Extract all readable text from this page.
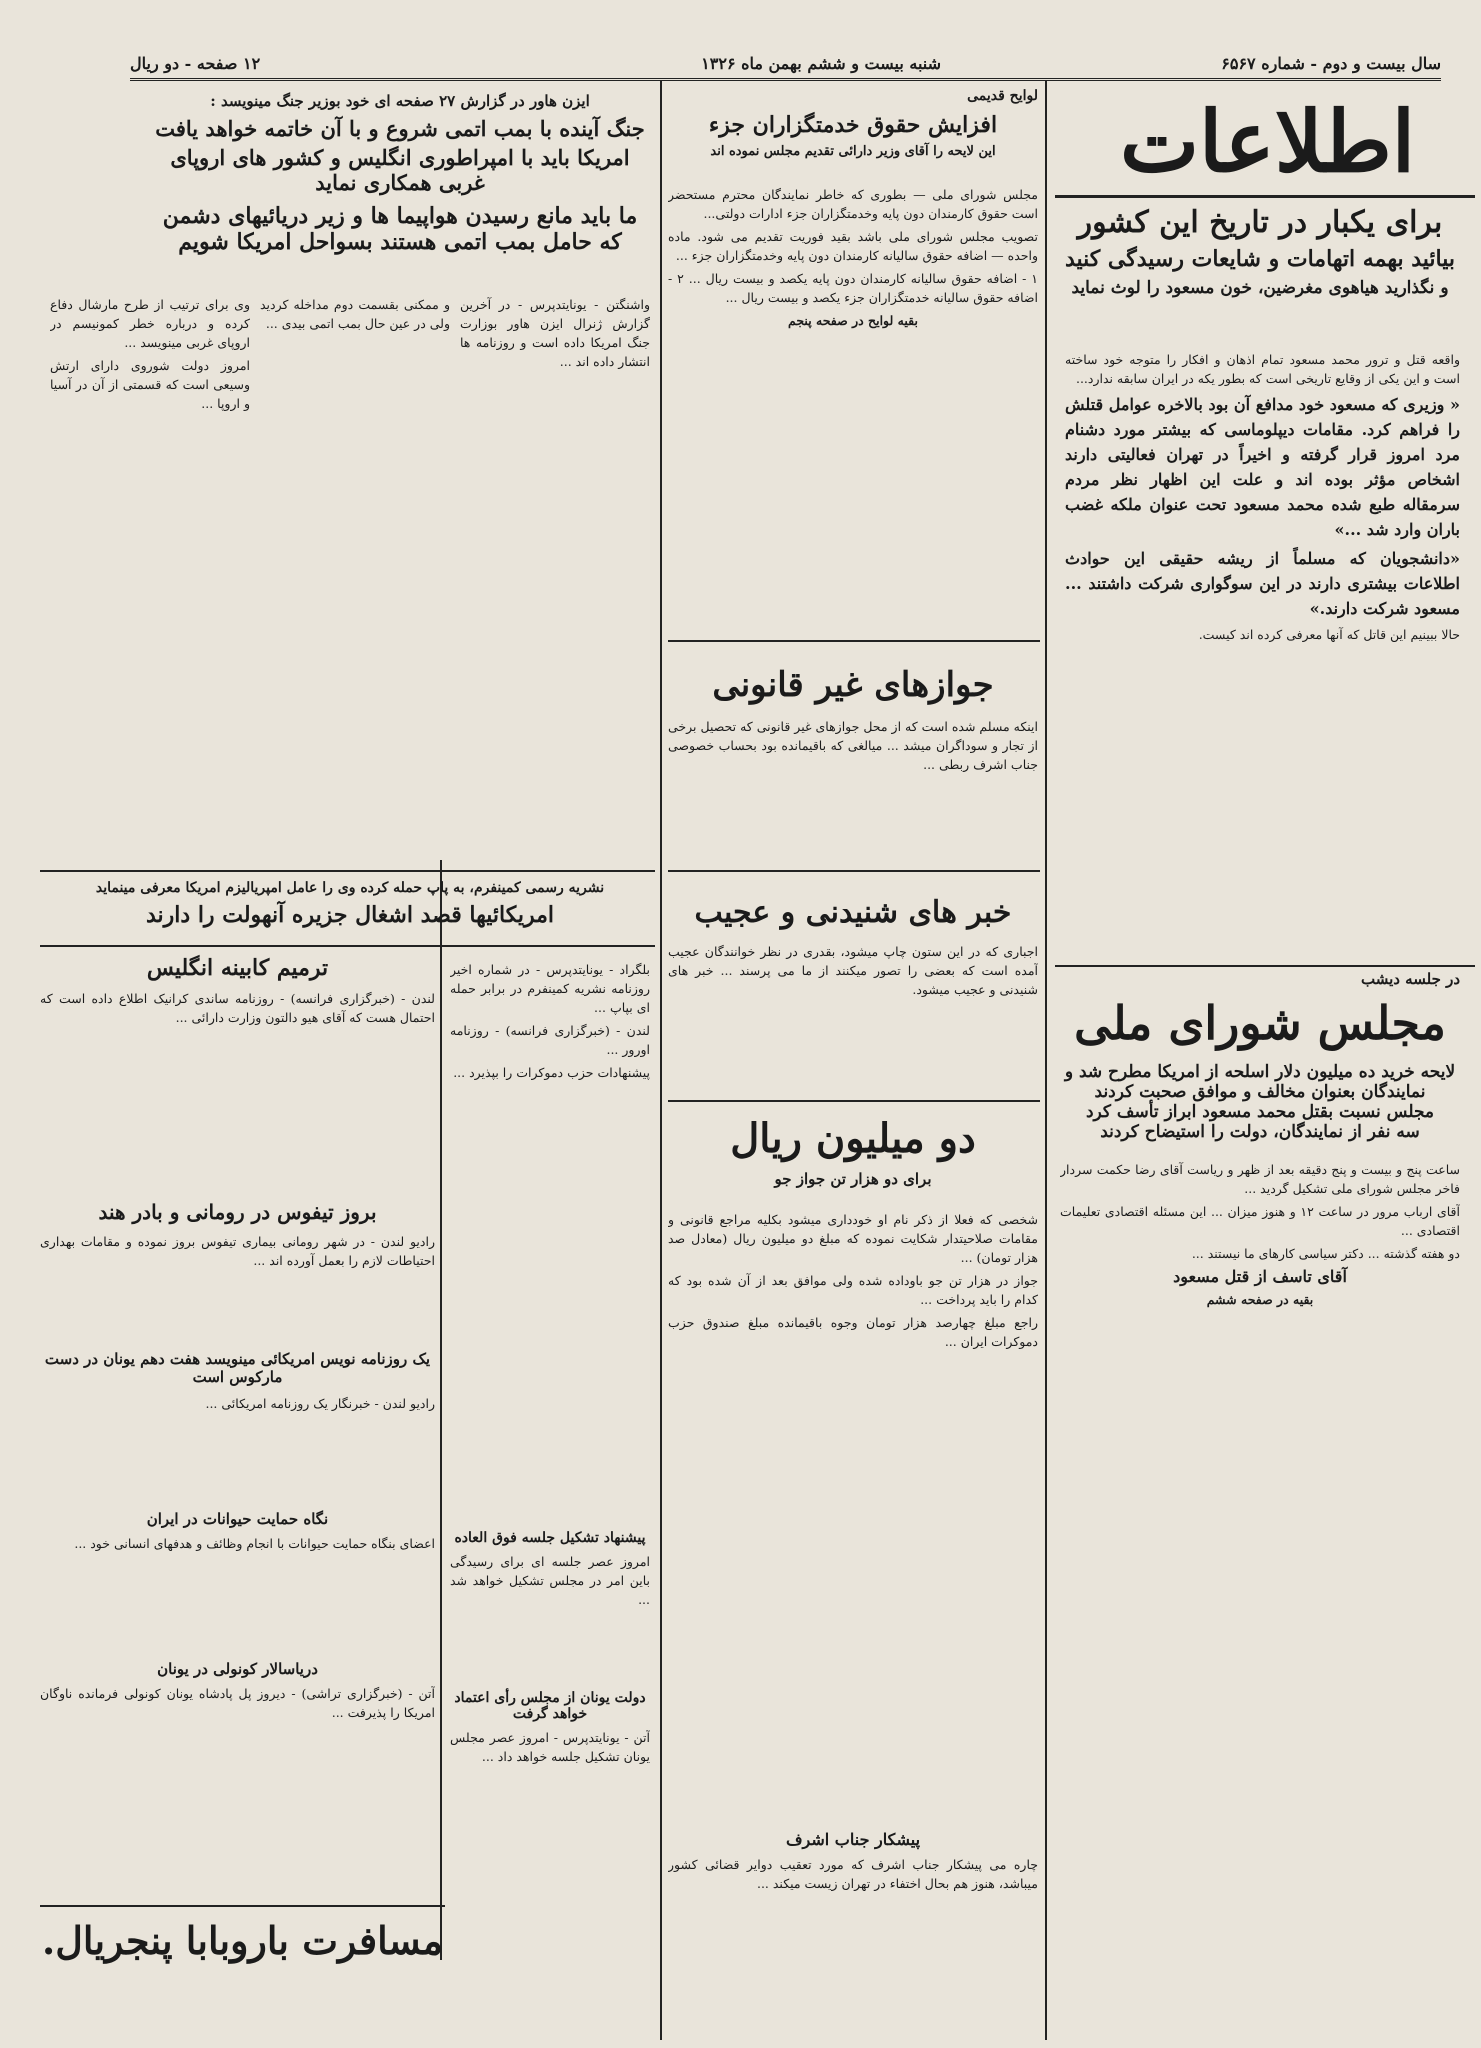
سال بیست و دوم - شماره ۶۵۶۷
شنبه بیست و ششم بهمن ماه ۱۳۲۶
۱۲ صفحه - دو ریال
اطلاعات

برای یکبار در تاریخ این کشور

بیائید بهمه اتهامات و شایعات رسیدگی کنید

و نگذارید هیاهوی مغرضین، خون مسعود را لوث نماید

واقعه قتل و ترور محمد مسعود تمام اذهان و افکار را متوجه خود ساخته است و این یکی از وقایع تاریخی است که بطور یکه در ایران سابقه ندارد...

« وزیری که مسعود خود مدافع آن بود بالاخره عوامل قتلش را فراهم کرد. مقامات دیپلوماسی که بیشتر مورد دشنام مرد امروز قرار گرفته و اخیراً در تهران فعالیتی دارند اشخاص مؤثر بوده اند و علت این اظهار نظر مردم سرمقاله طبع شده محمد مسعود تحت عنوان ملکه غضب باران وارد شد ...»

«دانشجویان که مسلماً از ریشه حقیقی این حوادث اطلاعات بیشتری دارند در این سوگواری شرکت داشتند ... مسعود شرکت دارند.»

حالا ببینیم این قاتل که آنها معرفی کرده اند کیست.

در جلسه دیشب

مجلس شورای ملی

لایحه خرید ده میلیون دلار اسلحه از امریکا مطرح شد و نمایندگان بعنوان مخالف و موافق صحبت کردند

مجلس نسبت بقتل محمد مسعود ابراز تأسف کرد

سه نفر از نمایندگان، دولت را استیضاح کردند

ساعت پنج و بیست و پنج دقیقه بعد از ظهر و ریاست آقای رضا حکمت سردار فاخر مجلس شورای ملی تشکیل گردید ...

آقای ارباب مرور در ساعت ۱۲ و هنوز میزان ... این مسئله اقتصادی تعلیمات اقتصادی ...

دو هفته گذشته ... دکتر سیاسی کارهای ما نیستند ...

آقای تاسف از قتل مسعود

بقیه در صفحه ششم

لوایح قدیمی

افزایش حقوق خدمتگزاران جزء

این لایحه را آقای وزیر دارائی تقدیم مجلس نموده اند

مجلس شورای ملی — بطوری که خاطر نمایندگان محترم مستحضر است حقوق کارمندان دون پایه وخدمتگزاران جزء ادارات دولتی...

تصویب مجلس شورای ملی باشد بقید فوریت تقدیم می شود. ماده واحده — اضافه حقوق سالیانه کارمندان دون پایه وخدمتگزاران جزء ...

۱ - اضافه حقوق سالیانه کارمندان دون پایه یکصد و بیست ریال ... ۲ - اضافه حقوق سالیانه خدمتگزاران جزء یکصد و بیست ریال ...

بقیه لوایح در صفحه پنجم

جوازهای غیر قانونی

اینکه مسلم شده است که از محل جوازهای غیر قانونی که تحصیل برخی از تجار و سوداگران میشد ... میالغی که باقیمانده بود بحساب خصوصی جناب اشرف ربطی ...

خبر های شنیدنی و عجیب

اجباری که در این ستون چاپ میشود، بقدری در نظر خوانندگان عجیب آمده است که بعضی را تصور میکنند از ما می پرسند ... خبر های شنیدنی و عجیب میشود.

دو میلیون ریال

برای دو هزار تن جواز جو

شخصی که فعلا از ذکر نام او خودداری میشود بکلیه مراجع قانونی و مقامات صلاحیتدار شکایت نموده که مبلغ دو میلیون ریال (معادل صد هزار تومان) ...

جواز در هزار تن جو باوداده شده ولی موافق بعد از آن شده بود که کدام را باید پرداخت ...

راجع مبلغ چهارصد هزار تومان وجوه باقیمانده مبلغ صندوق حزب دموکرات ایران ...

پیشکار جناب اشرف

چاره می پیشکار جناب اشرف که مورد تعقیب دوایر قضائی کشور میباشد، هنوز هم بحال اختفاء در تهران زیست میکند ...

ایزن هاور در گزارش ۲۷ صفحه ای خود بوزیر جنگ مینویسد :

جنگ آینده با بمب اتمی شروع و با آن خاتمه خواهد یافت

امریکا باید با امپراطوری انگلیس و کشور های اروپای غربی همکاری نماید

ما باید مانع رسیدن هواپیما ها و زیر دریائیهای دشمن که حامل بمب اتمی هستند بسواحل امریکا شویم

واشنگتن - یونایتدپرس - در آخرین گزارش ژنرال ایزن هاور بوزارت جنگ امریکا داده است و روزنامه ها انتشار داده اند ...

و ممکنی بقسمت دوم مداخله کردید ولی در عین حال بمب اتمی بیدی ...

وی برای ترتیب از طرح مارشال دفاع کرده و درباره خطر کمونیسم در اروپای غربی مینویسد ...

امروز دولت شوروی دارای ارتش وسیعی است که قسمتی از آن در آسیا و اروپا ...

نشریه رسمی کمینفرم، به پاپ حمله کرده وی را عامل امپریالیزم امریکا معرفی مینماید

امریکائیها قصد اشغال جزیره آنهولت را دارند

ترمیم کابینه انگلیس

لندن - (خبرگزاری فرانسه) - روزنامه ساندی کرانیک اطلاع داده است که احتمال هست که آقای هیو دالتون وزارت دارائی ...

بروز تیفوس در رومانی و بادر هند

رادیو لندن - در شهر رومانی بیماری تیفوس بروز نموده و مقامات بهداری احتیاطات لازم را بعمل آورده اند ...

یک روزنامه نویس امریکائی مینویسد هفت دهم یونان در دست مارکوس است

رادیو لندن - خبرنگار یک روزنامه امریکائی ...

نگاه حمایت حیوانات در ایران

اعضای بنگاه حمایت حیوانات با انجام وظائف و هدفهای انسانی خود ...

دریاسالار کونولی در یونان

آتن - (خبرگزاری تراشی) - دیروز پل پادشاه یونان کونولی فرمانده ناوگان امریکا را پذیرفت ...

بلگراد - یونایتدپرس - در شماره اخیر روزنامه نشریه کمینفرم در برابر حمله ای بپاپ ...

لندن - (خبرگزاری فرانسه) - روزنامه اورور ...

پیشنهادات حزب دموکرات را بپذیرد ...

پیشنهاد تشکیل جلسه فوق العاده

امروز عصر جلسه ای برای رسیدگی باین امر در مجلس تشکیل خواهد شد ...

دولت یونان از مجلس رأی اعتماد خواهد گرفت

آتن - یونایتدپرس - امروز عصر مجلس یونان تشکیل جلسه خواهد داد ...
مسافرت باروبابا پنجریال.
